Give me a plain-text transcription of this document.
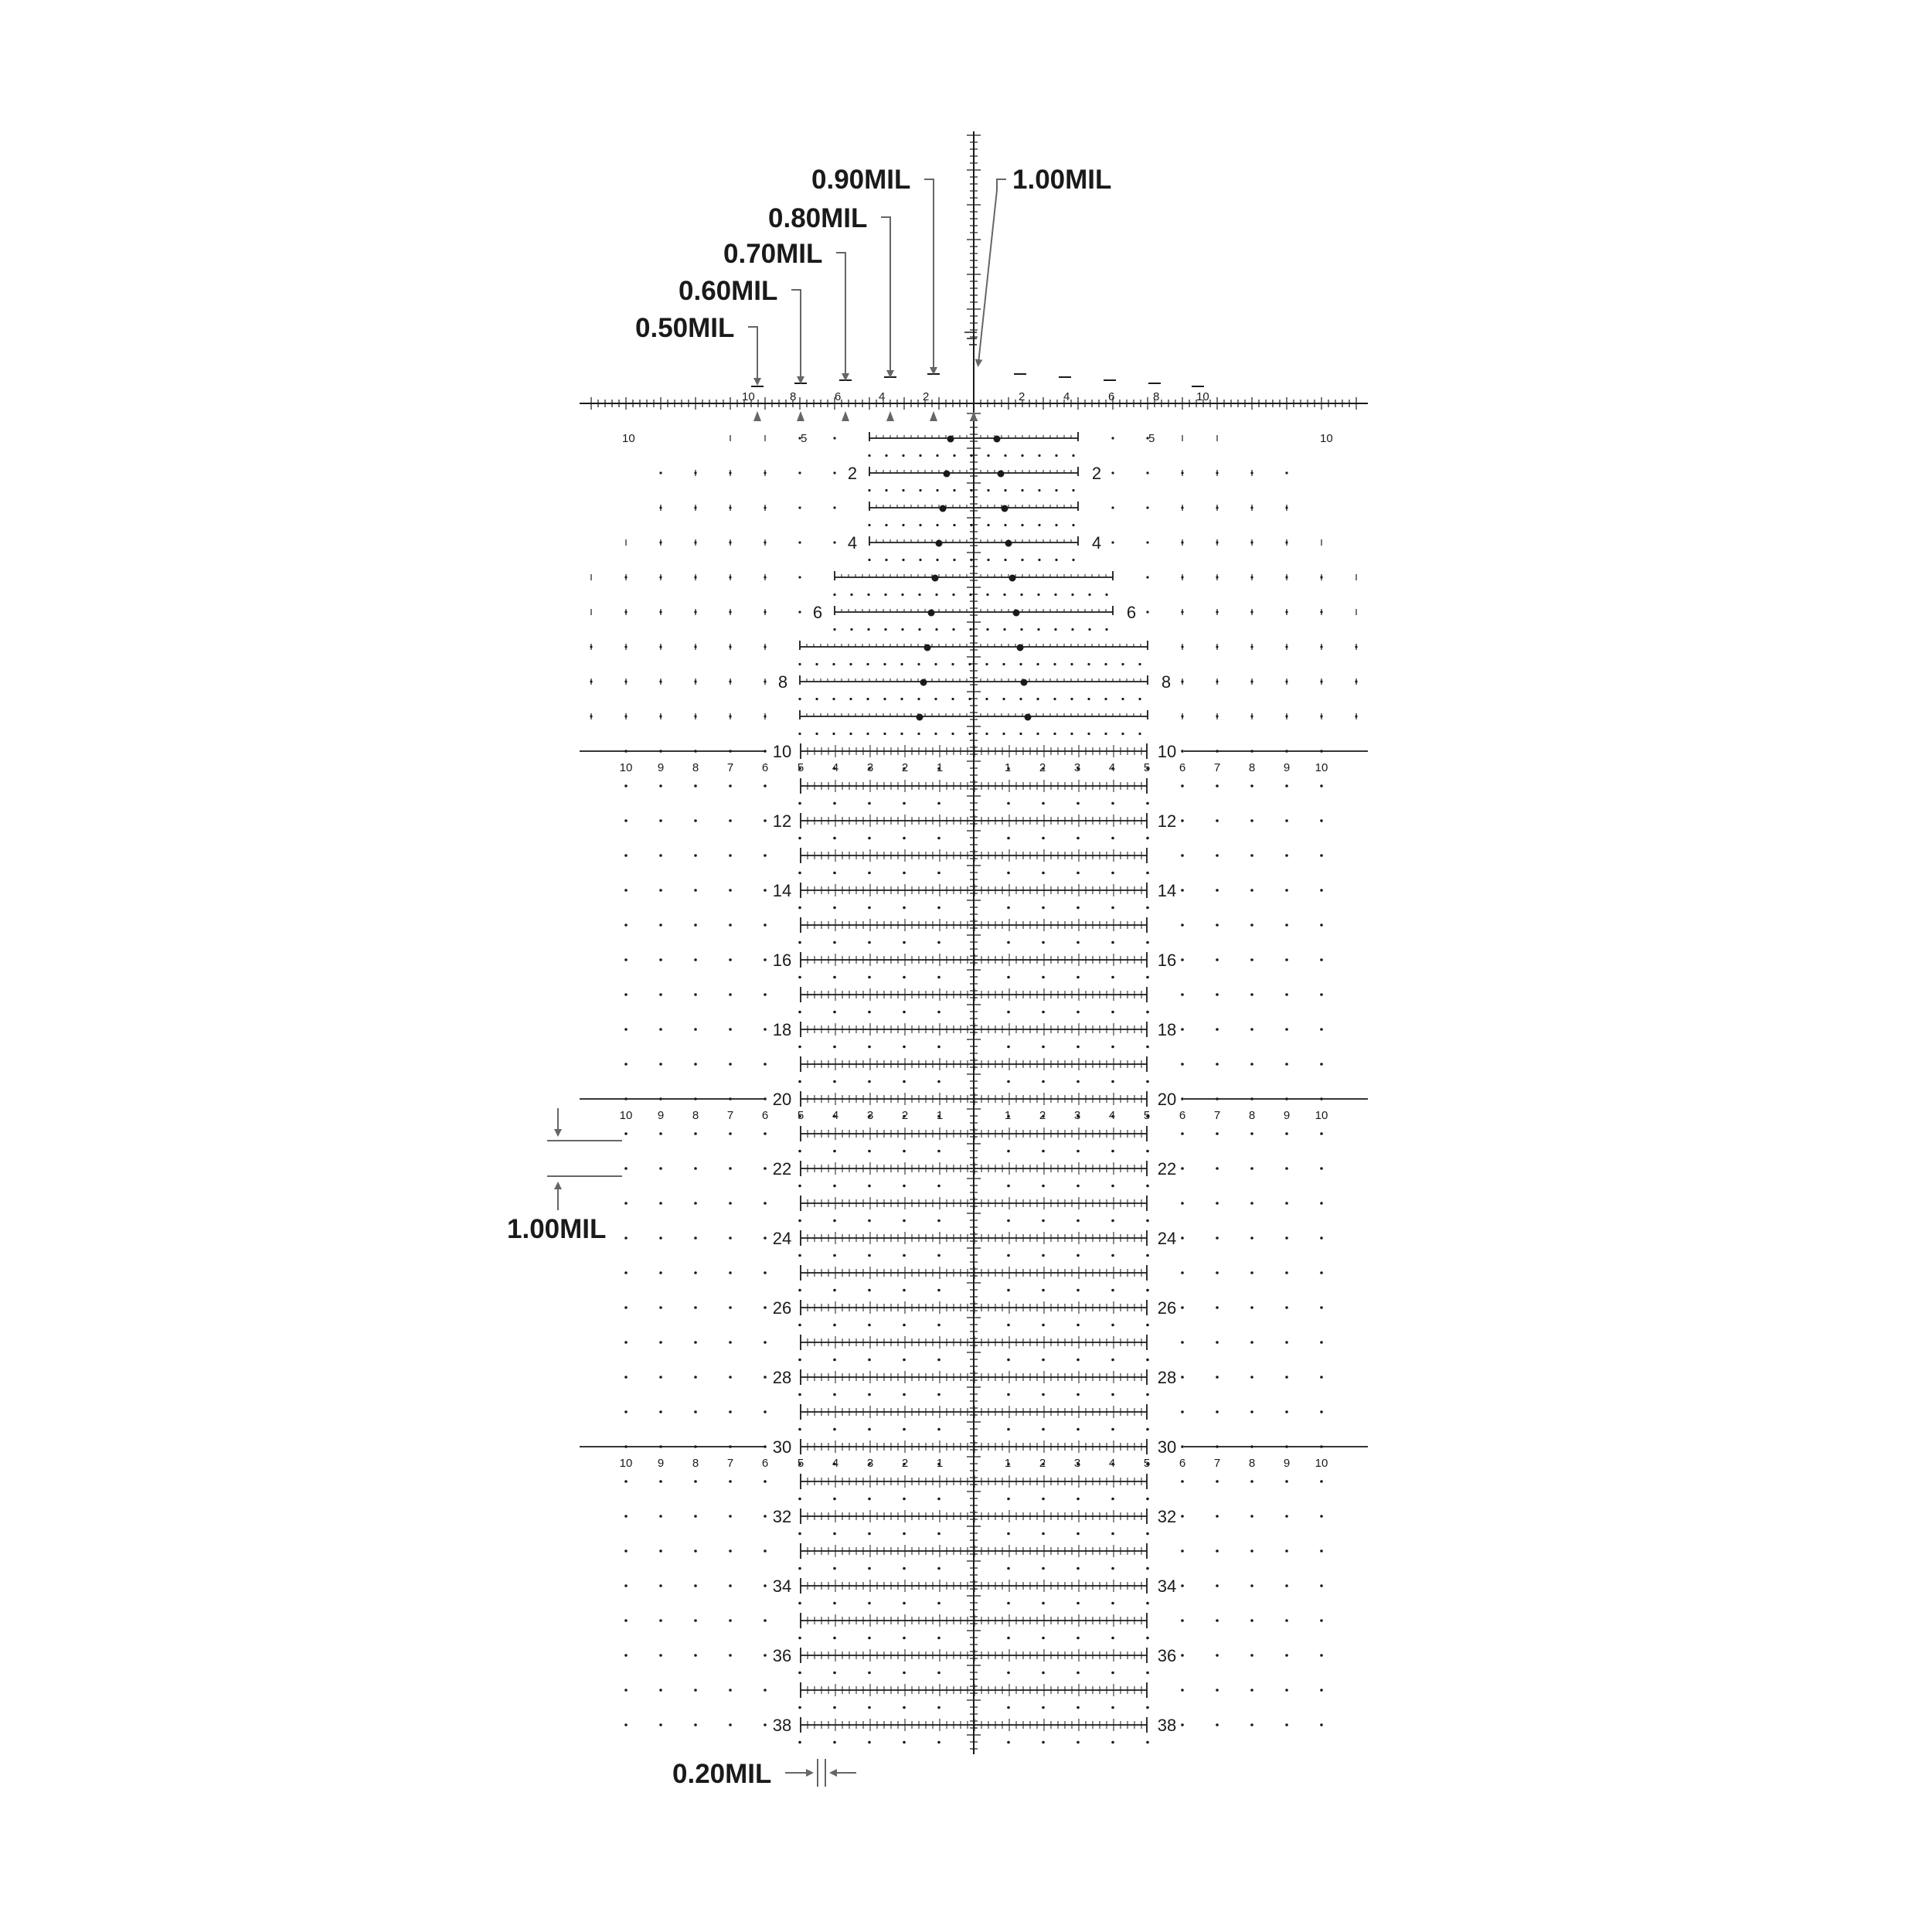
2	2
4	4
6	6
8	8
10	10
12	12
14	14
16	16
18	18
20	20
22	22
24	24
26	26
28	28
30	30
32	32
34	34
36	36
38	38
10 9 8 7 6	5 4 3 2 1	1 2 3 4 5	6 7 8 9 10
10 9 8 7 6	5 4 3 2 1	1 2 3 4 5	6 7 8 9 10
10 9 8 7 6	5 4 3 2 1	1 2 3 4 5	6 7 8 9 10
10	8	6	4	2	2	4	6	8	10
10	5	5	10
0.50MIL
0.60MIL
0.70MIL
0.80MIL
0.90MIL	1.00MIL
1.00MIL
0.20MIL
